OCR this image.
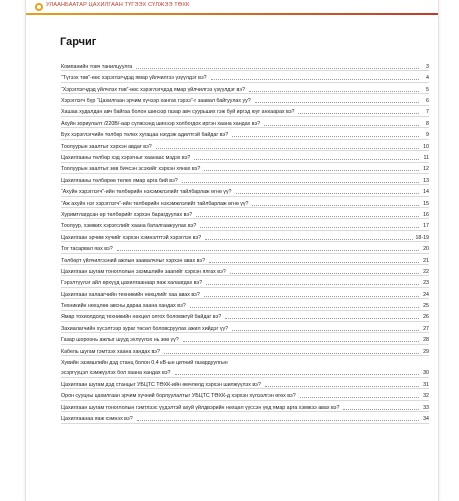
УЛААНБААТАР ЦАХИЛГААН ТҮГЭЭХ СҮЛЖЭЭ ТӨХК
Гарчиг
Компанийн товч танилцуулга	3
“Түгээх төв”-өөс хэрэглэгчдэд ямар үйлчилгээ үзүүлдэг вэ?	4
“Хэрэглэгчдэд үйлчлэх төв”-өөс хэрэглэгчдэд ямар үйлчилгээ үзүүлдэг вэ?	5
Хэрэглэгч бүр “Цахилгаан эрчим хүчээр хангах гэрээ”-г заавал байгуулах уу?	6
Хашаа худалдан авч байгаа болон шинээр газар авч суурьших гэж буй иргэд юуг анхаарах вэ?	7
Ахуйн зориулалт /220В/-аар сүлжээнд шинээр холбогдох иргэн хаана хандах вэ?	8
Бүх хэрэглэгчийн төлбөр төлөх хугацаа нэгдэж адилтгэй байдаг вэ?	9
Тоолуурын заалтыг хэрхэн авдаг вэ?	10
Цахилгааны төлбөр хэд хэрэгныг хаанаас мэдэх вэ?	11
Тоолуурын заалтыг зөв бичсэн эсэхийг хэрхэн хянах вэ?	12
Цахилгааны төлбөрөө төлөх ямар арга бий вэ?	13
“Ахуйн хэрэглэгч”-ийн төлбөрийн нэхэмжлэлийг тайлбарлаж өгнө үү?	14
“Аж ахуйн нэг хэрэглэгч”-ийн төлбөрийн нэхэмжлэлийг тайлбарлаж өгнө үү?	15
Хуримтлагдсан өр төлбөрийг хэрхэн барагдуулах вэ?	16
Тоолуур, хэмжих хэрэгслийг хаана баталгаажуулах вэ?	17
Цахилгаан эрчим хүчийг хэрхэн хэмнэлттэй хэрэглэх вэ?	18-19
Тог тасарвал яах вэ?	20
Төлбөрт үйлчилгээний ажлын заавалчлыг хэрхэн авах вэ?	21
Цахилгаан шугам тоноглолын эзэмшлийн заагийг хэрхэн ялгах вэ?	22
Гэрэлтүүлэг айл өрхүүд цахилгаанаар яаж халаагдах вэ?	23
Цахилгаан халаагчийн техникийн нөхцлийг хаа авах вэ?	24
Техникийн нөхцлөө авсны дараа хаана хандах вэ?	25
Ямар тохиолдолд техникийн нөхцөл олгох боломжгүй байдаг вэ?	26
Захиалагчийн хүсэлтээр зураг төсөл боловсруулах ажил хийдэг үү?	27
Газар шороонь ажлыг шууд эхлүүлэх нь зөв үү?	28
Кабель шугам гэмтээх хаана хандах вэ?	29
Хувийн эзэмшлийн дэд станц болон 0.4 кВ-ын цитний газардуулгын
эсэргүүцэл хэмжүүлэх бол хаана хандах вэ?	30
Цахилгаан шугам дэд станцыг УБЦТС ТӨХК-ийн өмчлөлд хэрхэн шилжүүлэх вэ?	31
Орон сууцны цахилгаан эрчим хүчний борлуулалтыг УБЦТС ТӨХК-д хэрхэн хүлээлгэн өгөх вэ?	32
Цахилгаан шугам тоноглолын гэмтлээс үүдэлтэй ахуй үйлдвэрийн нөхцөл үүссэн үед ямар арга хэмжээ авах вэ?	33
Цахилгаанаа яаж хэмнэх вэ?	34
